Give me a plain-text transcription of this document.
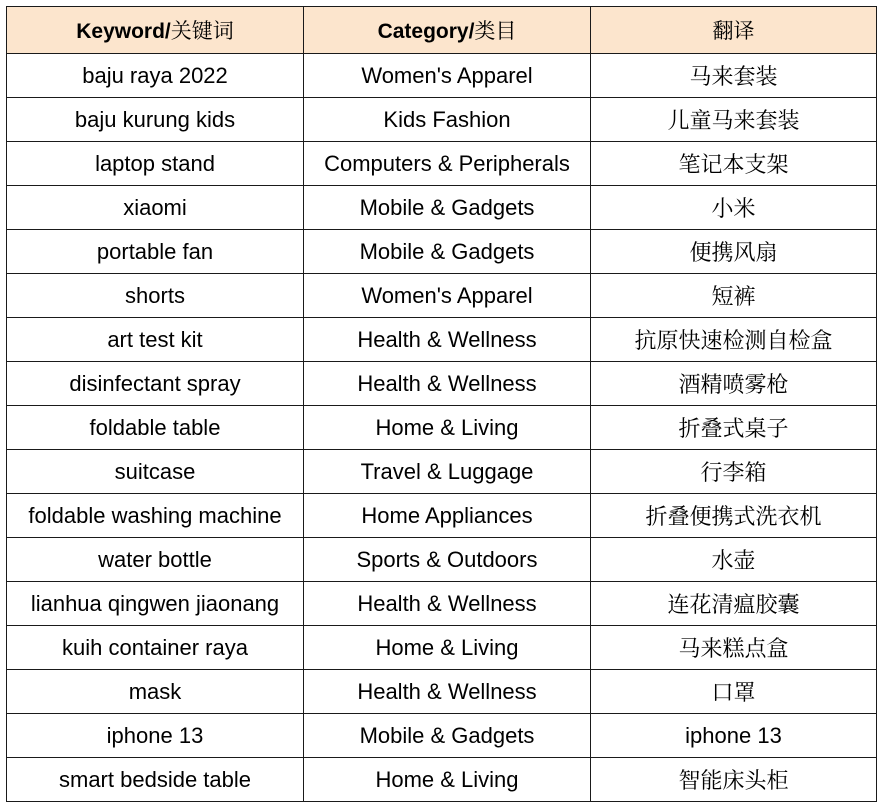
Keyword/关键词	Category/类目	翻译
baju raya 2022	Women's Apparel	马来套装
baju kurung kids	Kids Fashion	儿童马来套装
laptop stand	Computers & Peripherals	笔记本支架
xiaomi	Mobile & Gadgets	小米
portable fan	Mobile & Gadgets	便携风扇
shorts	Women's Apparel	短裤
art test kit	Health & Wellness	抗原快速检测自检盒
disinfectant spray	Health & Wellness	酒精喷雾枪
foldable table	Home & Living	折叠式桌子
suitcase	Travel & Luggage	行李箱
foldable washing machine	Home Appliances	折叠便携式洗衣机
water bottle	Sports & Outdoors	水壶
lianhua qingwen jiaonang	Health & Wellness	连花清瘟胶囊
kuih container raya	Home & Living	马来糕点盒
mask	Health & Wellness	口罩
iphone 13	Mobile & Gadgets	iphone 13
smart bedside table	Home & Living	智能床头柜
